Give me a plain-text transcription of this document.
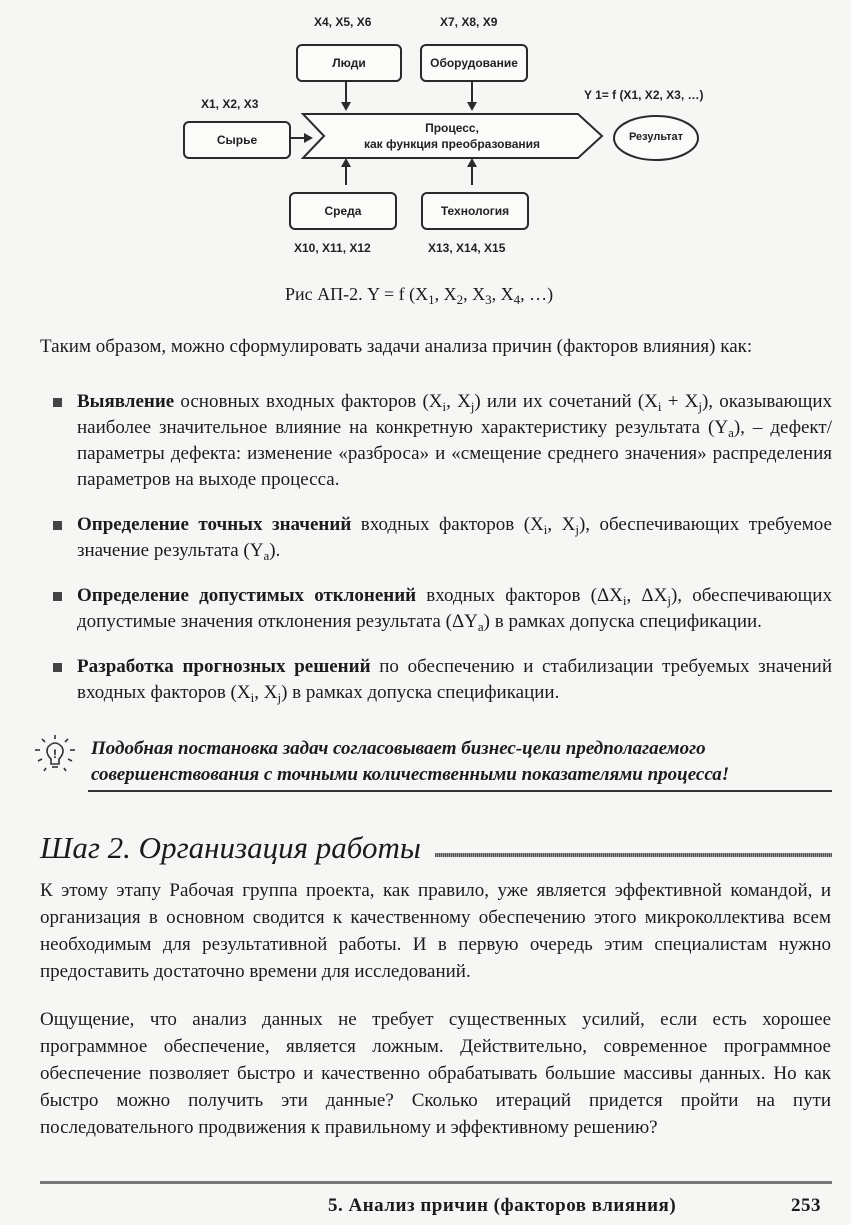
X4, X5, X6	X7, X8, X9
Люди	Оборудование
X1, X2, X3
Y 1= f (X1, X2, X3, …)
Сырье
Процесс,
как функция преобразования	Результат
Среда	Технология
X10, X11, X12	X13, X14, X15
Рис АП-2. Y = f ($X_1$, $X_2$, $X_3$, $X_4$, …)
Таким образом, можно сформулировать задачи анализа причин (факторов влияния) как:
Выявление основных входных факторов ($X_i$, $X_j$) или их сочетаний $(X_i + X_j)$, оказывающих наиболее значительное влияние на конкретную характеристику результата $(Y_a)$, – дефект/параметры дефекта: изменение «разброса» и «смещение среднего значения» распределения параметров на выходе процесса.
Определение точных значений входных факторов ($X_i$, $X_j$), обеспечивающих требуемое значение результата $(Y_a)$.
Определение допустимых отклонений входных факторов ($\Delta X_i$, $\Delta X_j$), обеспечивающих допустимые значения отклонения результата $(\Delta Y_a)$ в рамках допуска спецификации.
Разработка прогнозных решений по обеспечению и стабилизации требуемых значений входных факторов ($X_i$, $X_j$) в рамках допуска спецификации.
! Подобная постановка задач согласовывает бизнес-цели предполагаемого совершенствования с точными количественными показателями процесса!
Шаг 2. Организация работы
К этому этапу Рабочая группа проекта, как правило, уже является эффективной командой, и организация в основном сводится к качественному обеспечению этого микроколлектива всем необходимым для результативной работы. И в первую очередь этим специалистам нужно предоставить достаточно времени для исследований.
Ощущение, что анализ данных не требует существенных усилий, если есть хорошее программное обеспечение, является ложным. Действительно, современное программное обеспечение позволяет быстро и качественно обрабатывать большие массивы данных. Но как быстро можно получить эти данные? Сколько итераций придется пройти на пути последовательного продвижения к правильному и эффективному решению?
5. Анализ причин (факторов влияния)	253
